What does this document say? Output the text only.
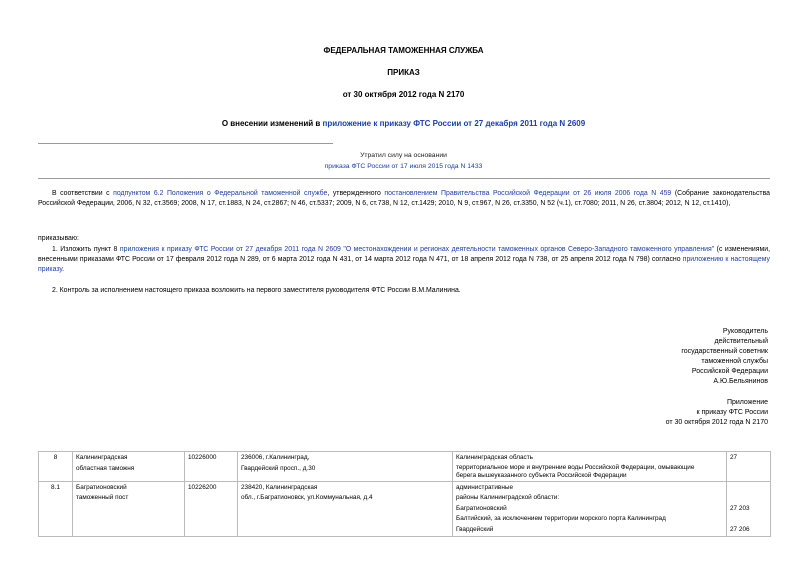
ФЕДЕРАЛЬНАЯ ТАМОЖЕННАЯ СЛУЖБА
ПРИКАЗ
от 30 октября 2012 года N 2170
О внесении изменений в приложение к приказу ФТС России от 27 декабря 2011 года N 2609
Утратил силу на основании
приказа ФТС России от 17 июля 2015 года N 1433
В соответствии с подпунктом 6.2 Положения о Федеральной таможенной службе, утвержденного постановлением Правительства Российской Федерации от 26 июля 2006 года N 459 (Собрание законодательства Российской Федерации, 2006, N 32, ст.3569; 2008, N 17, ст.1883, N 24, ст.2867; N 46, ст.5337; 2009, N 6, ст.738, N 12, ст.1429; 2010, N 9, ст.967, N 26, ст.3350, N 52 (ч.1), ст.7080; 2011, N 26, ст.3804; 2012, N 12, ст.1410),
приказываю:
1. Изложить пункт 8 приложения к приказу ФТС России от 27 декабря 2011 года N 2609 "О местонахождении и регионах деятельности таможенных органов Северо-Западного таможенного управления" (с изменениями, внесенными приказами ФТС России от 17 февраля 2012 года N 289, от 6 марта 2012 года N 431, от 14 марта 2012 года N 471, от 18 апреля 2012 года N 738, от 25 апреля 2012 года N 798) согласно приложению к настоящему приказу.
2. Контроль за исполнением настоящего приказа возложить на первого заместителя руководителя ФТС России В.М.Малинина.
Руководитель
действительный
государственный советник
таможенной службы
Российской Федерации
А.Ю.Бельянинов
Приложение
к приказу ФТС России
от 30 октября 2012 года N 2170
8	Калининградская
областная таможня	10226000	236006, г.Калининград,
Гвардейский просп., д.30	Калининградская область
территориальное море и внутренние воды Российской Федерации, омывающие
берега вышеуказанного субъекта Российской Федерации	27

8.1	Багратионовский
таможенный пост	10226200	238420, Калининградская
обл., г.Багратионовск, ул.Коммунальная, д.4	административные
районы Калининградской области:
Багратионовский
Балтийский, за исключением территории морского порта Калининград
Гвардейский	27 203
27 206
